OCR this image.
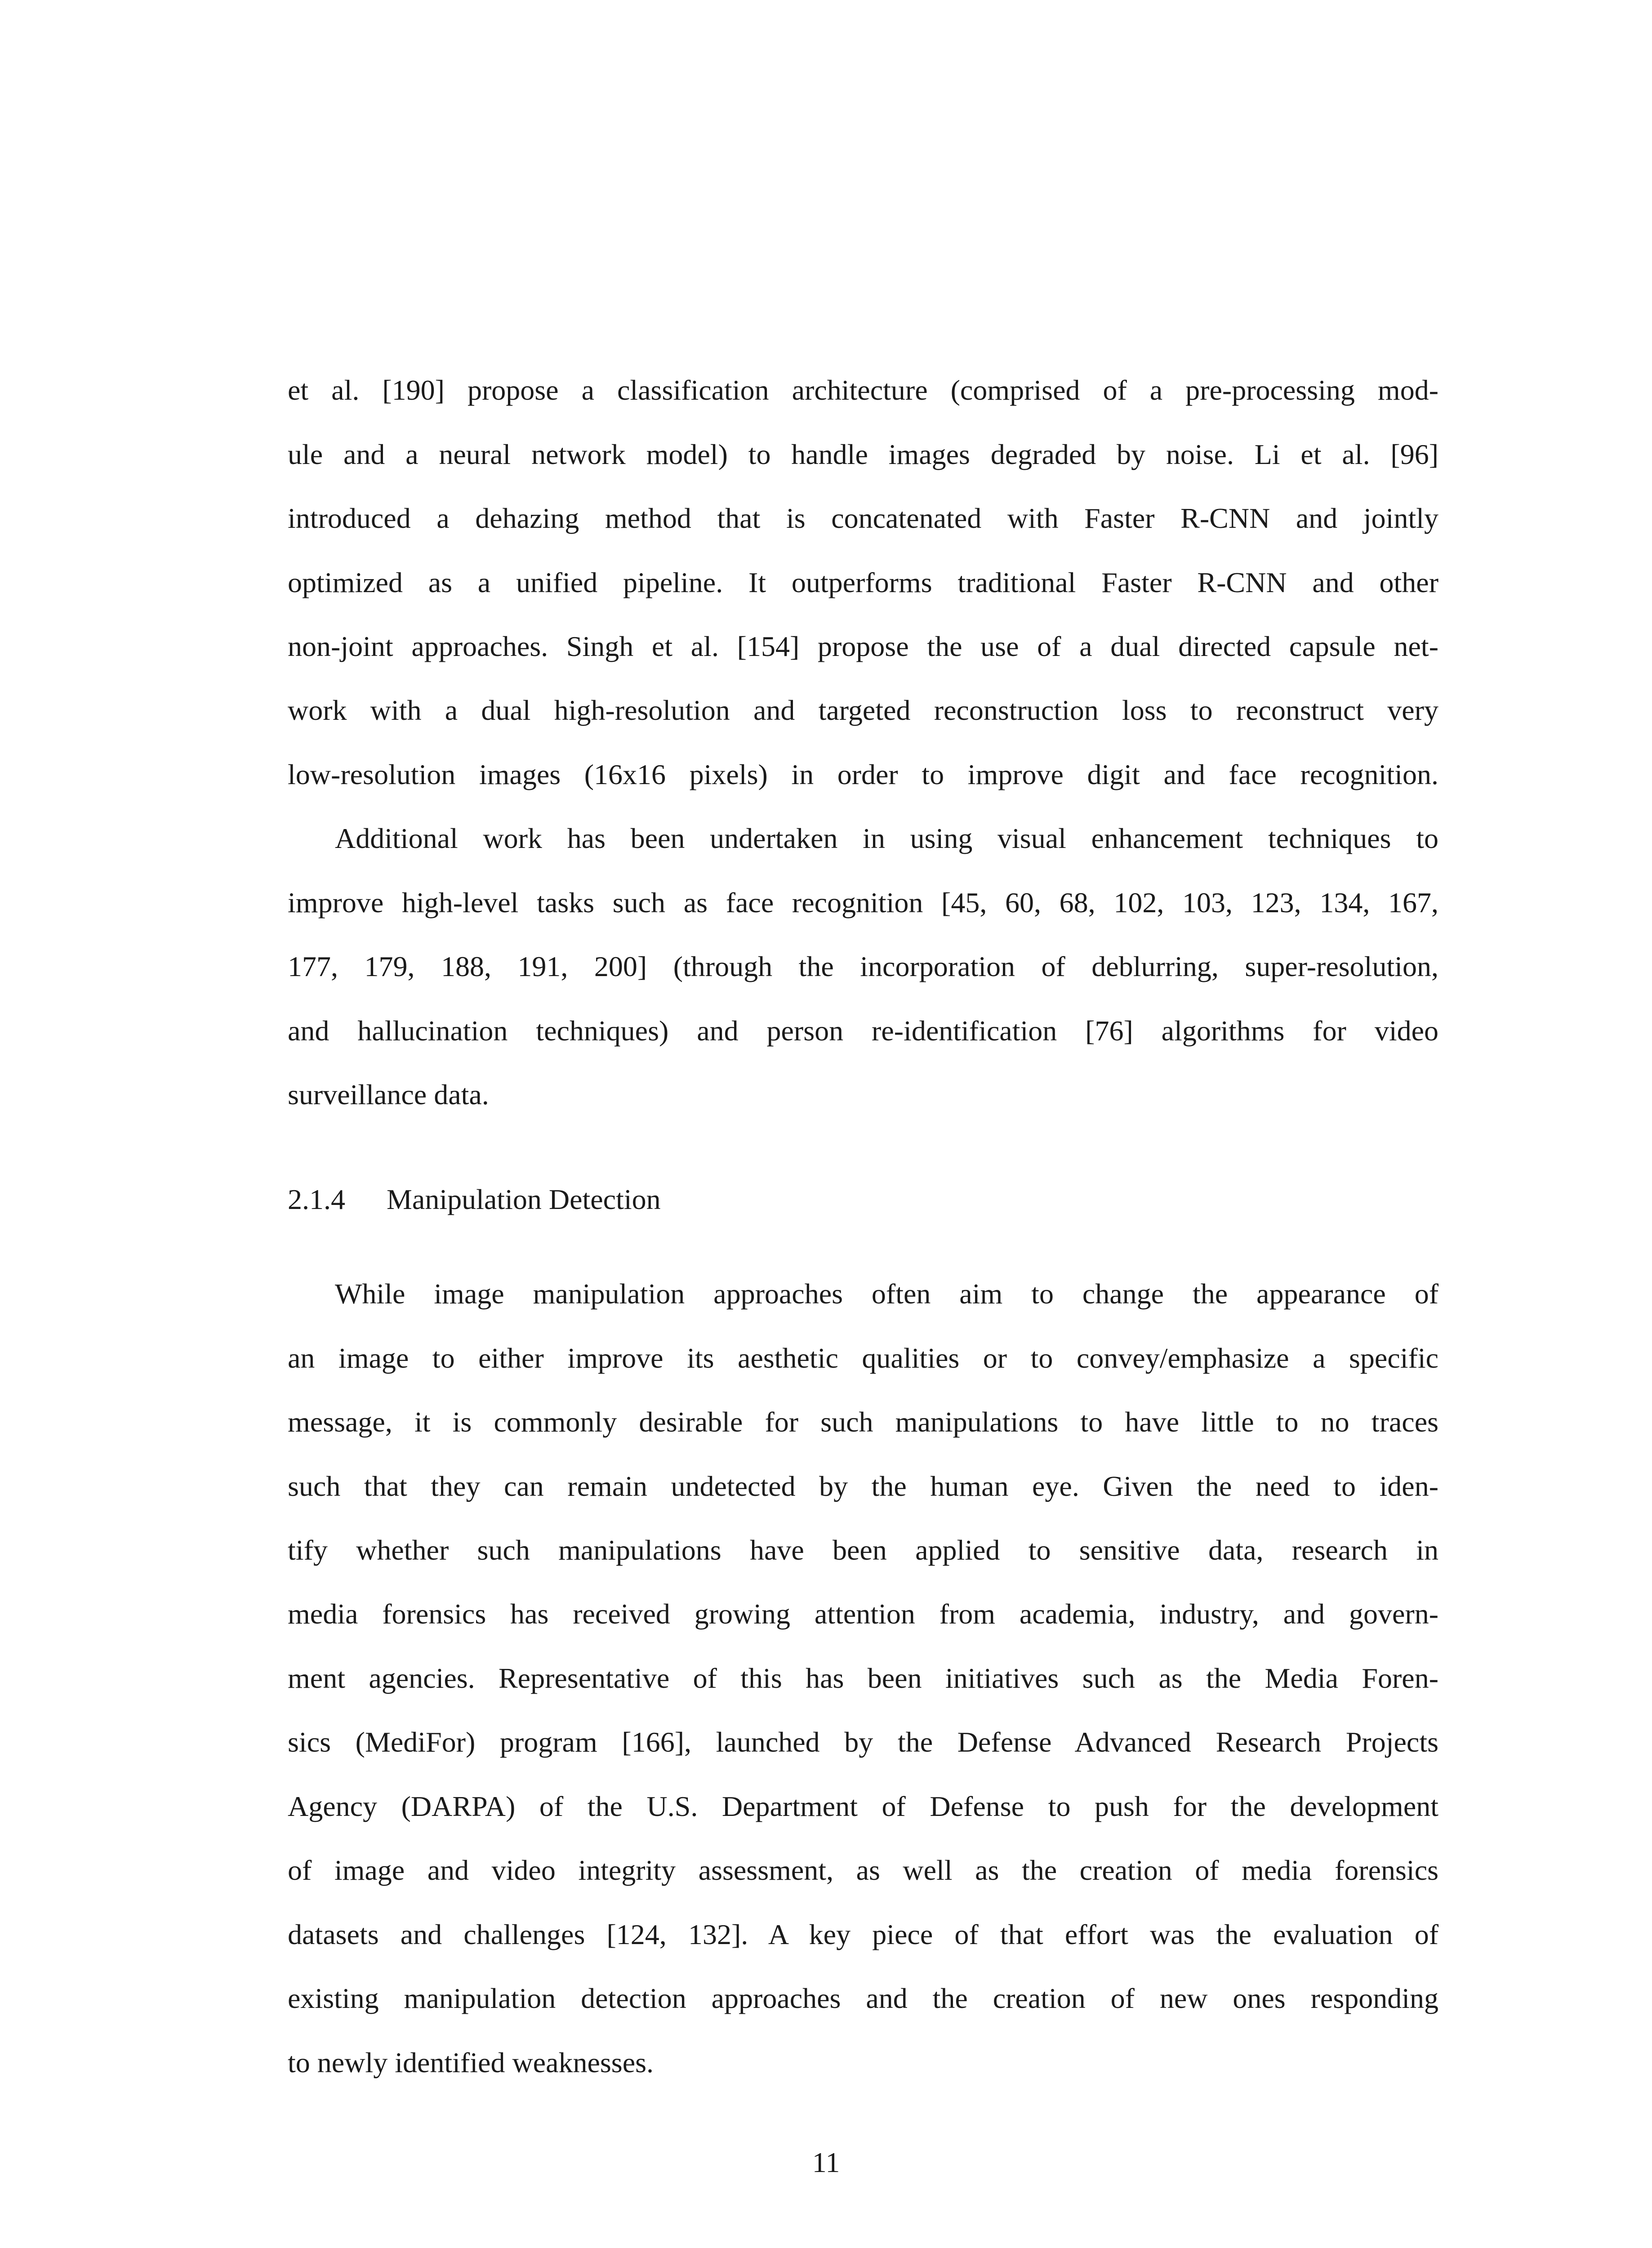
et al. [190] propose a classification architecture (comprised of a pre-processing mod-
ule and a neural network model) to handle images degraded by noise. Li et al. [96]
introduced a dehazing method that is concatenated with Faster R-CNN and jointly
optimized as a unified pipeline. It outperforms traditional Faster R-CNN and other
non-joint approaches. Singh et al. [154] propose the use of a dual directed capsule net-
work with a dual high-resolution and targeted reconstruction loss to reconstruct very
low-resolution images (16x16 pixels) in order to improve digit and face recognition.
Additional work has been undertaken in using visual enhancement techniques to
improve high-level tasks such as face recognition [45, 60, 68, 102, 103, 123, 134, 167,
177, 179, 188, 191, 200] (through the incorporation of deblurring, super-resolution,
and hallucination techniques) and person re-identification [76] algorithms for video
surveillance data.
2.1.4 Manipulation Detection
While image manipulation approaches often aim to change the appearance of
an image to either improve its aesthetic qualities or to convey/emphasize a specific
message, it is commonly desirable for such manipulations to have little to no traces
such that they can remain undetected by the human eye. Given the need to iden-
tify whether such manipulations have been applied to sensitive data, research in
media forensics has received growing attention from academia, industry, and govern-
ment agencies. Representative of this has been initiatives such as the Media Foren-
sics (MediFor) program [166], launched by the Defense Advanced Research Projects
Agency (DARPA) of the U.S. Department of Defense to push for the development
of image and video integrity assessment, as well as the creation of media forensics
datasets and challenges [124, 132]. A key piece of that effort was the evaluation of
existing manipulation detection approaches and the creation of new ones responding
to newly identified weaknesses.
11
